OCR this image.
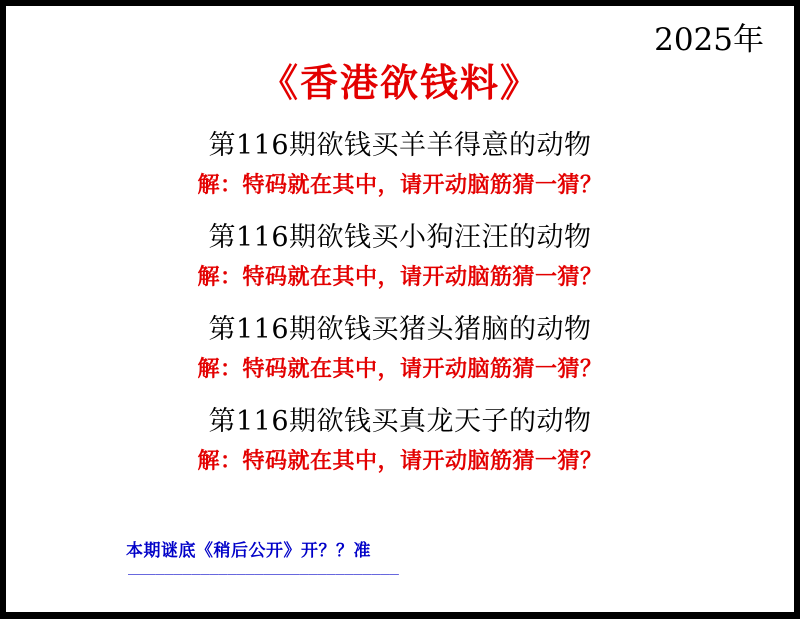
2025年
《香港欲钱料》
第116期欲钱买羊羊得意的动物
解：特码就在其中，请开动脑筋猜一猜？
第116期欲钱买小狗汪汪的动物
解：特码就在其中，请开动脑筋猜一猜？
第116期欲钱买猪头猪脑的动物
解：特码就在其中，请开动脑筋猜一猜？
第116期欲钱买真龙天子的动物
解：特码就在其中，请开动脑筋猜一猜？
本期谜底《稍后公开》开？？准
______________________________
